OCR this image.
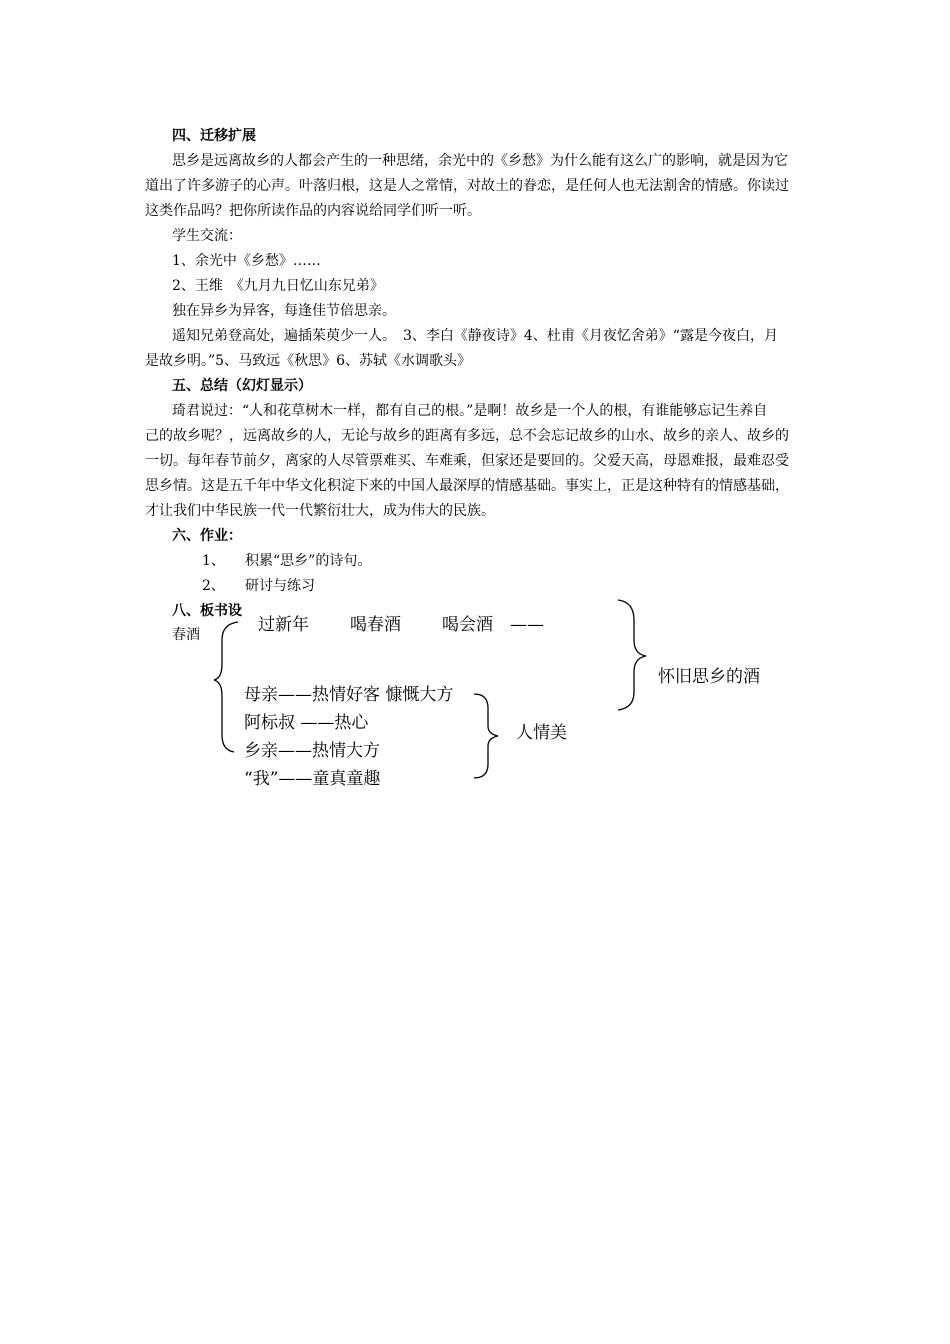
四、迁移扩展
思乡是远离故乡的人都会产生的一种思绪，余光中的《乡愁》为什么能有这么广的影响，就是因为它
道出了许多游子的心声。叶落归根，这是人之常情，对故土的眷恋，是任何人也无法割舍的情感。你读过
这类作品吗？把你所读作品的内容说给同学们听一听。
学生交流：
1、余光中《乡愁》……
2、王维　《九月九日忆山东兄弟》
独在异乡为异客，每逢佳节倍思亲。
遥知兄弟登高处，遍插茱萸少一人。　3、李白《静夜诗》4、杜甫《月夜忆舍弟》“露是今夜白，月
是故乡明。”5、马致远《秋思》6、苏轼《水调歌头》
五、总结（幻灯显示）
琦君说过：“人和花草树木一样，都有自己的根。”是啊！故乡是一个人的根，有谁能够忘记生养自
己的故乡呢？，远离故乡的人，无论与故乡的距离有多远，总不会忘记故乡的山水、故乡的亲人、故乡的
一切。每年春节前夕，离家的人尽管票难买、车难乘，但家还是要回的。父爱天高，母恩难报，最难忍受
思乡情。这是五千年中华文化积淀下来的中国人最深厚的情感基础。事实上，正是这种特有的情感基础，
才让我们中华民族一代一代繁衍壮大，成为伟大的民族。
六、作业：
1、 积累“思乡”的诗句。
2、 研讨与练习
八、板书设
春酒	过新年 喝春酒 喝会酒　——
母亲——热情好客 慷慨大方
阿标叔 ——热心
乡亲——热情大方
“我”——童真童趣
人情美
怀旧思乡的酒
